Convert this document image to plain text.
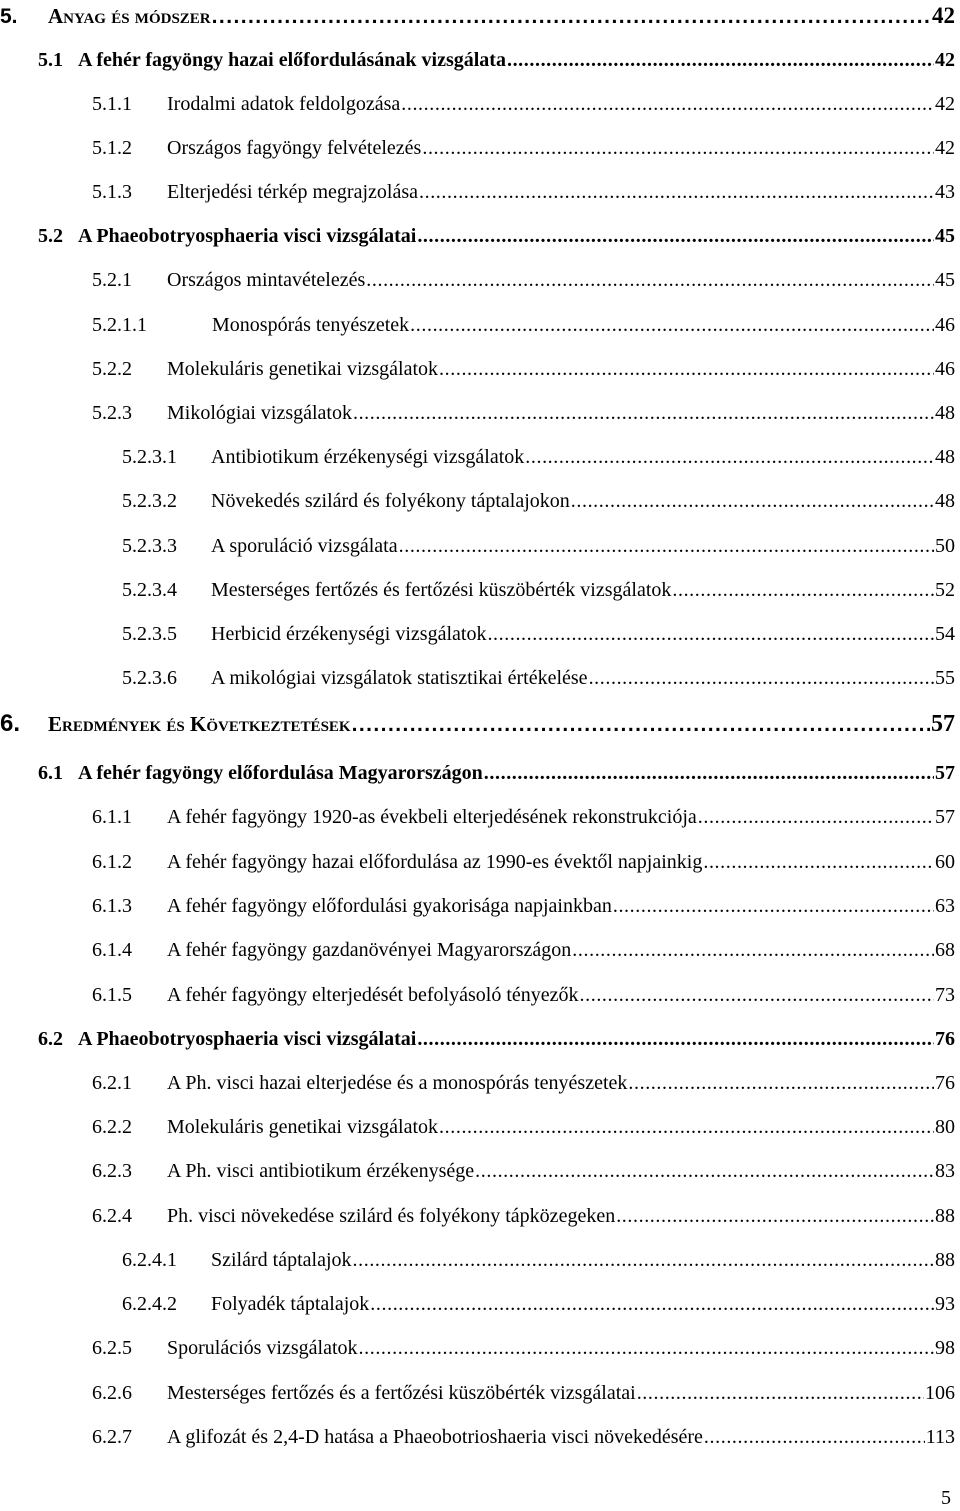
5.	Anyag és módszer . . .	42
5.1 A fehér fagyöngy hazai előfordulásának vizsgálata . . .	42
5.1.1	Irodalmi adatok feldolgozása . . .	42
5.1.2	Országos fagyöngy felvételezés . . .	42
5.1.3	Elterjedési térkép megrajzolása . . .	43
5.2 A Phaeobotryosphaeria visci vizsgálatai . . .	45
5.2.1	Országos mintavételezés . . .	45
5.2.1.1	Monospórás tenyészetek . . .	46
5.2.2	Molekuláris genetikai vizsgálatok . . .	46
5.2.3	Mikológiai vizsgálatok . . .	48
5.2.3.1	Antibiotikum érzékenységi vizsgálatok . . .	48
5.2.3.2	Növekedés szilárd és folyékony táptalajokon . . .	48
5.2.3.3	A sporuláció vizsgálata . . .	50
5.2.3.4	Mesterséges fertőzés és fertőzési küszöbérték vizsgálatok . . .	52
5.2.3.5	Herbicid érzékenységi vizsgálatok . . .	54
5.2.3.6	A mikológiai vizsgálatok statisztikai értékelése . . .	55
6.	Eredmények és Következtetések . . .	57
6.1 A fehér fagyöngy előfordulása Magyarországon . . .	57
6.1.1	A fehér fagyöngy 1920-as évekbeli elterjedésének rekonstrukciója . . .	57
6.1.2	A fehér fagyöngy hazai előfordulása az 1990-es évektől napjainkig . . .	60
6.1.3	A fehér fagyöngy előfordulási gyakorisága napjainkban . . .	63
6.1.4	A fehér fagyöngy gazdanövényei Magyarországon . . .	68
6.1.5	A fehér fagyöngy elterjedését befolyásoló tényezők . . .	73
6.2 A Phaeobotryosphaeria visci vizsgálatai . . .	76
6.2.1	A Ph. visci hazai elterjedése és a monospórás tenyészetek . . .	76
6.2.2	Molekuláris genetikai vizsgálatok . . .	80
6.2.3	A Ph. visci antibiotikum érzékenysége . . .	83
6.2.4	Ph. visci növekedése szilárd és folyékony tápközegeken . . .	88
6.2.4.1	Szilárd táptalajok . . .	88
6.2.4.2	Folyadék táptalajok . . .	93
6.2.5	Sporulációs vizsgálatok . . .	98
6.2.6	Mesterséges fertőzés és a fertőzési küszöbérték vizsgálatai . . .	106
6.2.7	A glifozát és 2,4-D hatása a Phaeobotrioshaeria visci növekedésére . . .	113
5
